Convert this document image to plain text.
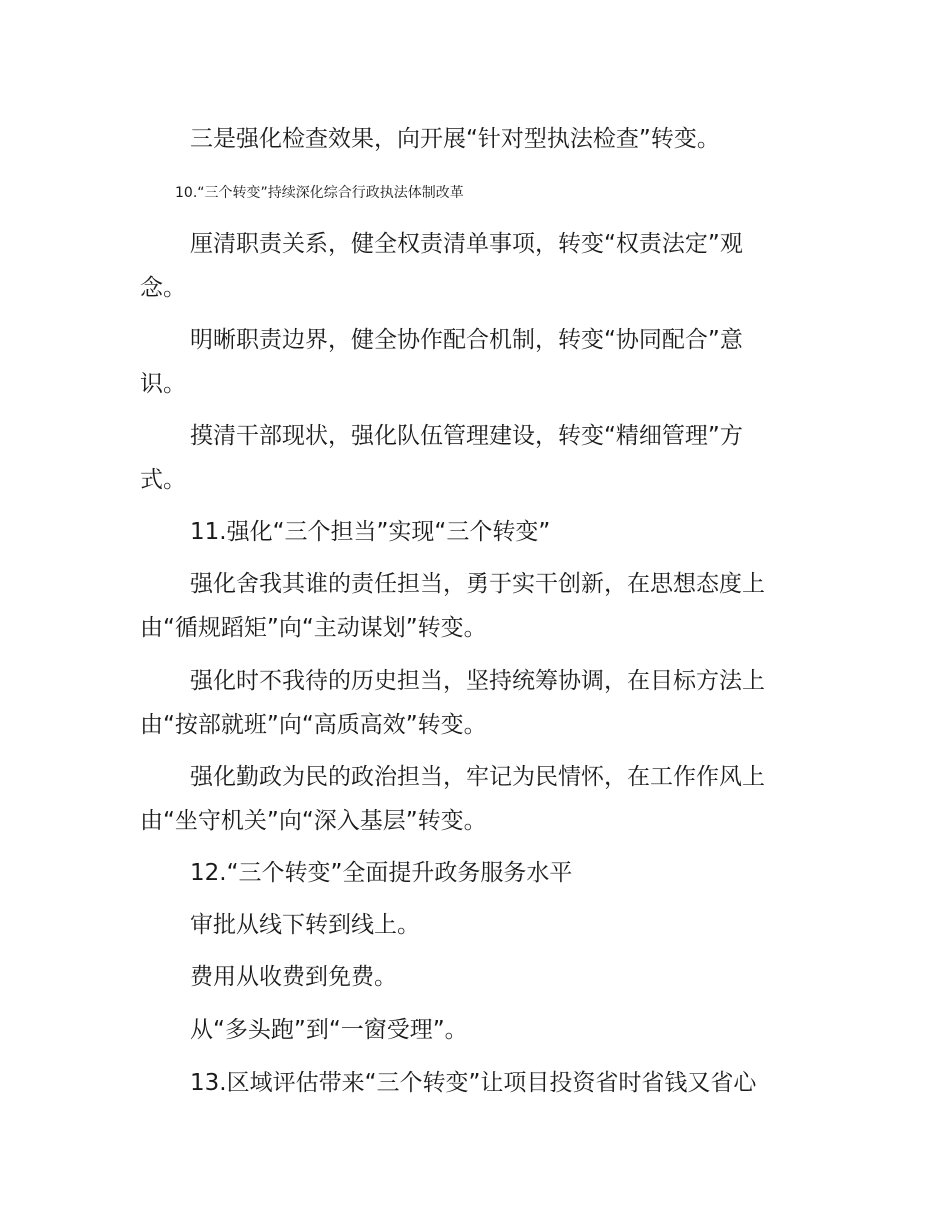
三是强化检查效果，向开展“针对型执法检查”转变。
10.“三个转变”持续深化综合行政执法体制改革
厘清职责关系，健全权责清单事项，转变“权责法定”观
念。
明晰职责边界，健全协作配合机制，转变“协同配合”意
识。
摸清干部现状，强化队伍管理建设，转变“精细管理”方
式。
11.强化“三个担当”实现“三个转变”
强化舍我其谁的责任担当，勇于实干创新，在思想态度上
由“循规蹈矩”向“主动谋划”转变。
强化时不我待的历史担当，坚持统筹协调，在目标方法上
由“按部就班”向“高质高效”转变。
强化勤政为民的政治担当，牢记为民情怀，在工作作风上
由“坐守机关”向“深入基层”转变。
12.“三个转变”全面提升政务服务水平
审批从线下转到线上。
费用从收费到免费。
从“多头跑”到“一窗受理”。
13.区域评估带来“三个转变”让项目投资省时省钱又省心
